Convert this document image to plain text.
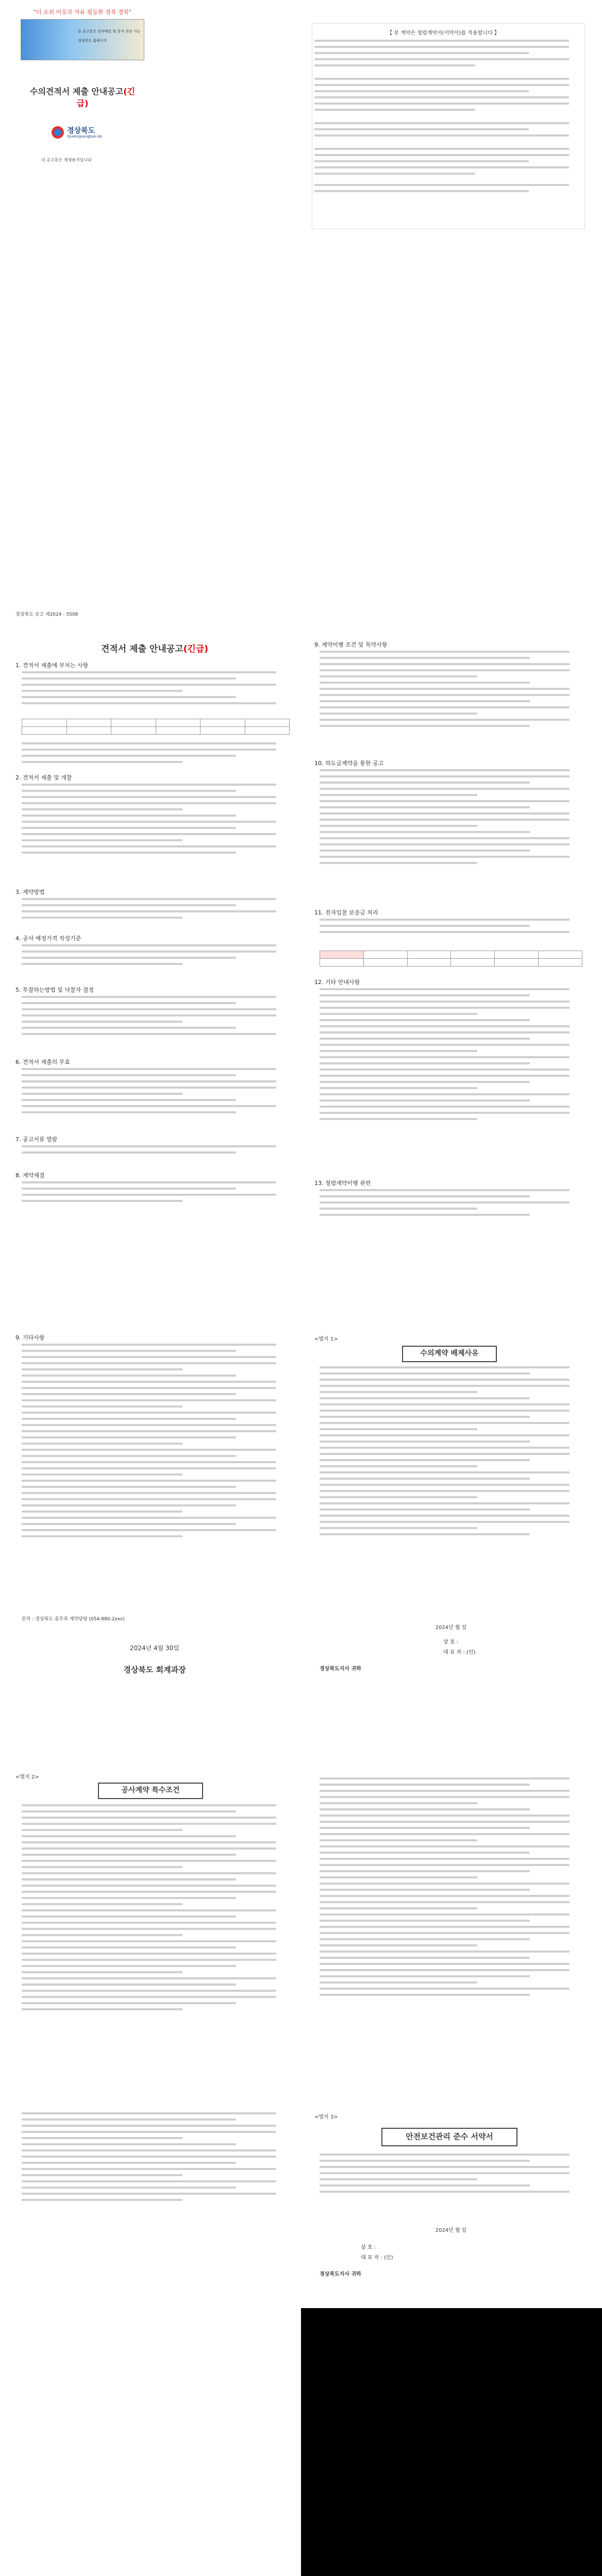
"더 소외 이웃과 자유 평등한 경북 경북"
본 공고문은 전자메일 및 문자 전송 가능
경상북도 홈페이지
수의견적서 제출 안내공고(긴급)
경상북도
Gyeongsangbuk-do
더 공고문은 재생용지입니다
【 본 계약은 청렴계약서(서약서)를 적용합니다 】
경상북도 공고 제2024 - 5508
견적서 제출 안내공고(긴급)
1. 견적서 제출에 부치는 사항

2. 견적서 제출 및 개찰
3. 계약방법
4. 공사 예정가격 작성기준
5. 투찰하는방법 및 낙찰자 결정
6. 견적서 제출의 무효
7. 공고서류 열람
8. 계약체결
9. 계약이행 조건 및 특약사항
10. 하도급계약을 통한 공고
11. 전자입찰 보증금 처리

12. 기타 안내사항
13. 청렴계약이행 관련
9. 기타사항
문의 : 경상북도 총무과 계약담당 (054-880-2xxx)
2024년 4월 30일
경상북도 회계과장
<별지 1>
수의계약 배제사유
2024년 월 일
상 호 :
대 표 자 : (인)
경상북도지사 귀하
<별지 2>
공사계약 특수조건
<별지 3>
안전보건관리 준수 서약서
2024년 월 일
상 호 :
대 표 자 : (인)
경상북도지사 귀하
